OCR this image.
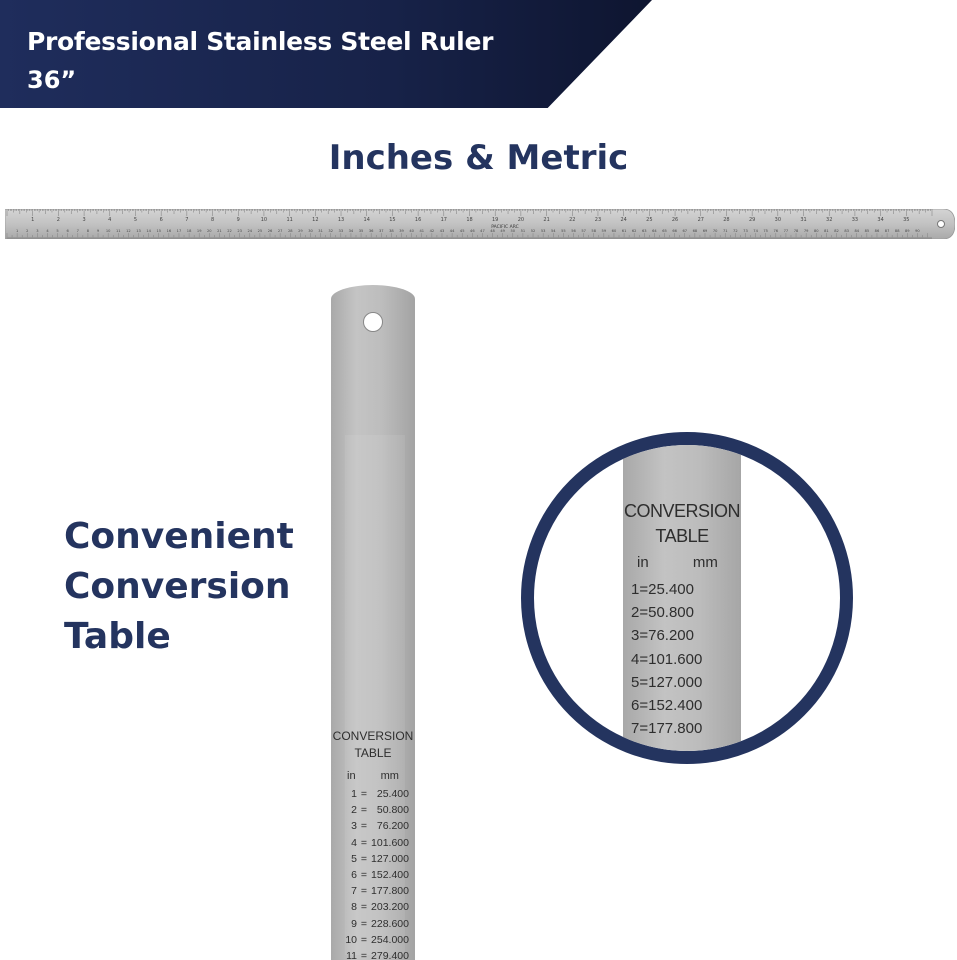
Professional Stainless Steel Ruler
36”
Inches & Metric
1	2	3	4	5	6	7	8	9	10	11	12	13	14	15	16	17	18	19	20	21	22	23	24	25	26	27	28	29	30	31	32	33	34	35
1 2 3 4 5 6 7 8 9 10 11 12 13 14 15 16 17 18 19 20 21 22 23 24 25 26 27 28 29 30 31 32 33 34 35 36 37 38 39 40 41 42 43 44 45 46 47 48 49 50 51 52 53 54 55 56 57 58 59 60 61 62 63 64 65 66 67 68 69 70 71 72 73 74 75 76 77 78 79 80 81 82 83 84 85 86 87 88 89 90
PACIFIC ARC
Convenient
Conversion
Table
CONVERSION
TABLE
in mm
1 = 25.400
2 = 50.800
3 = 76.200
4 = 101.600
5 = 127.000
6 = 152.400
7 = 177.800
8 = 203.200
9 = 228.600
10 = 254.000
11 = 279.400
CONVERSION
TABLE
in	mm
1=25.400
2=50.800
3=76.200
4=101.600
5=127.000
6=152.400
7=177.800
